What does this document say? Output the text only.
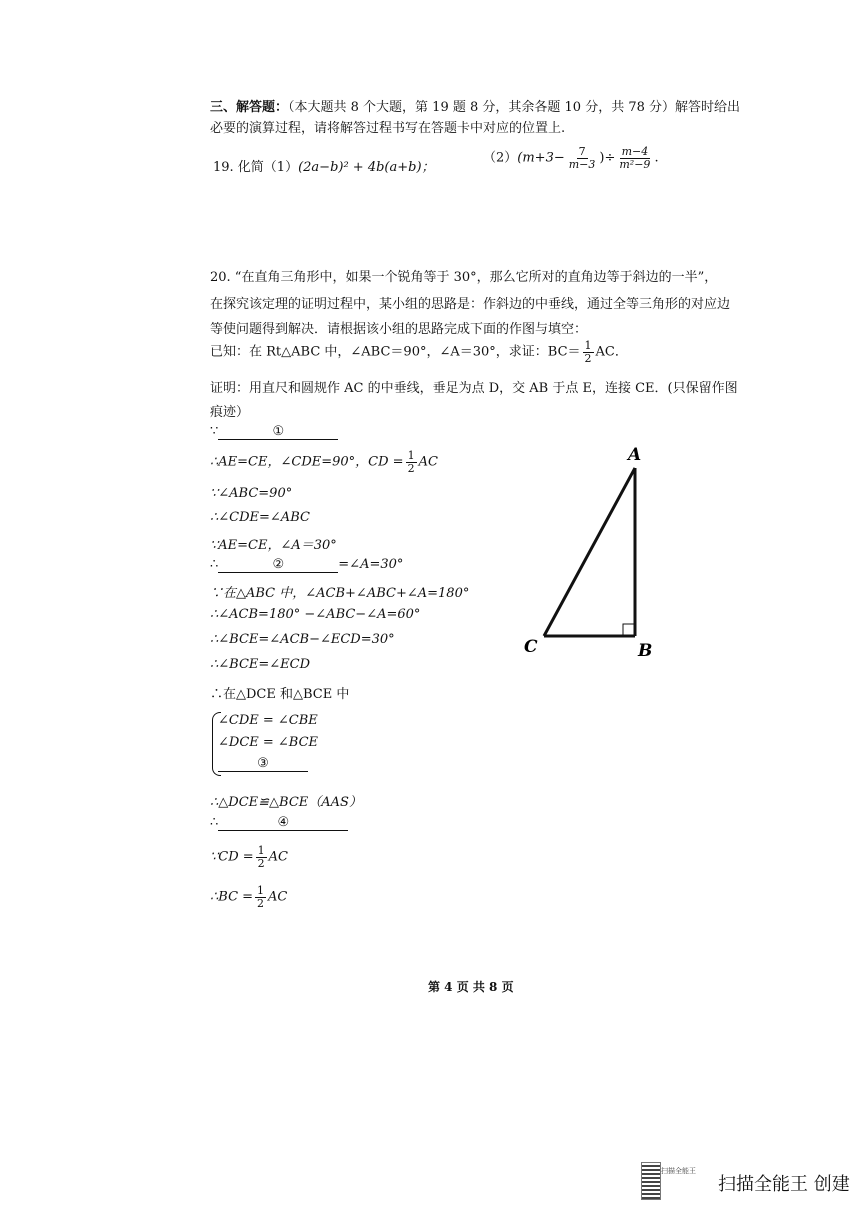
三、解答题：（本大题共 8 个大题，第 19 题 8 分，其余各题 10 分，共 78 分）解答时给出
必要的演算过程，请将解答过程书写在答题卡中对应的位置上.
19. 化简（1）(2a−b)² + 4b(a+b)；
$(2)(m+3- \frac{7}{m-3}$ )÷ $\frac{m-4}{\text{m²−9}}$ .
20. “在直角三角形中，如果一个锐角等于 30°，那么它所对的直角边等于斜边的一半”，
在探究该定理的证明过程中，某小组的思路是：作斜边的中垂线，通过全等三角形的对应边
等使问题得到解决．请根据该小组的思路完成下面的作图与填空：
已知：在 Rt△ABC 中，∠ABC＝90°，∠A＝30°，求证：$BC= \frac{1}{2}$ AC．
证明：用直尺和圆规作 AC 的中垂线，垂足为点 D，交 AB 于点 E，连接 CE．(只保留作图
痕迹）
∵	①
∴AE=CE，∠CDE=90°，CD = $\frac{1}{2}$ AC
∵∠ABC=90°
∴∠CDE=∠ABC
∵AE=CE，∠A＝30°
∴	②	=∠A=30°
∵在△ABC 中，∠ACB+∠ABC+∠A=180°
∴∠ACB=180° −∠ABC−∠A=60°
∴∠BCE=∠ACB−∠ECD=30°
∴∠BCE=∠ECD
∴在△DCE 和△BCE 中
∠CDE = ∠CBE
∠DCE = ∠BCE
③
∴△DCE≌△BCE（AAS）
∴	④
∵CD = $\frac{1}{2}$ AC
∴BC = $\frac{1}{2}$ AC
A
B
C
第 4 页 共 8 页
扫描全能王
扫描全能王 创建
